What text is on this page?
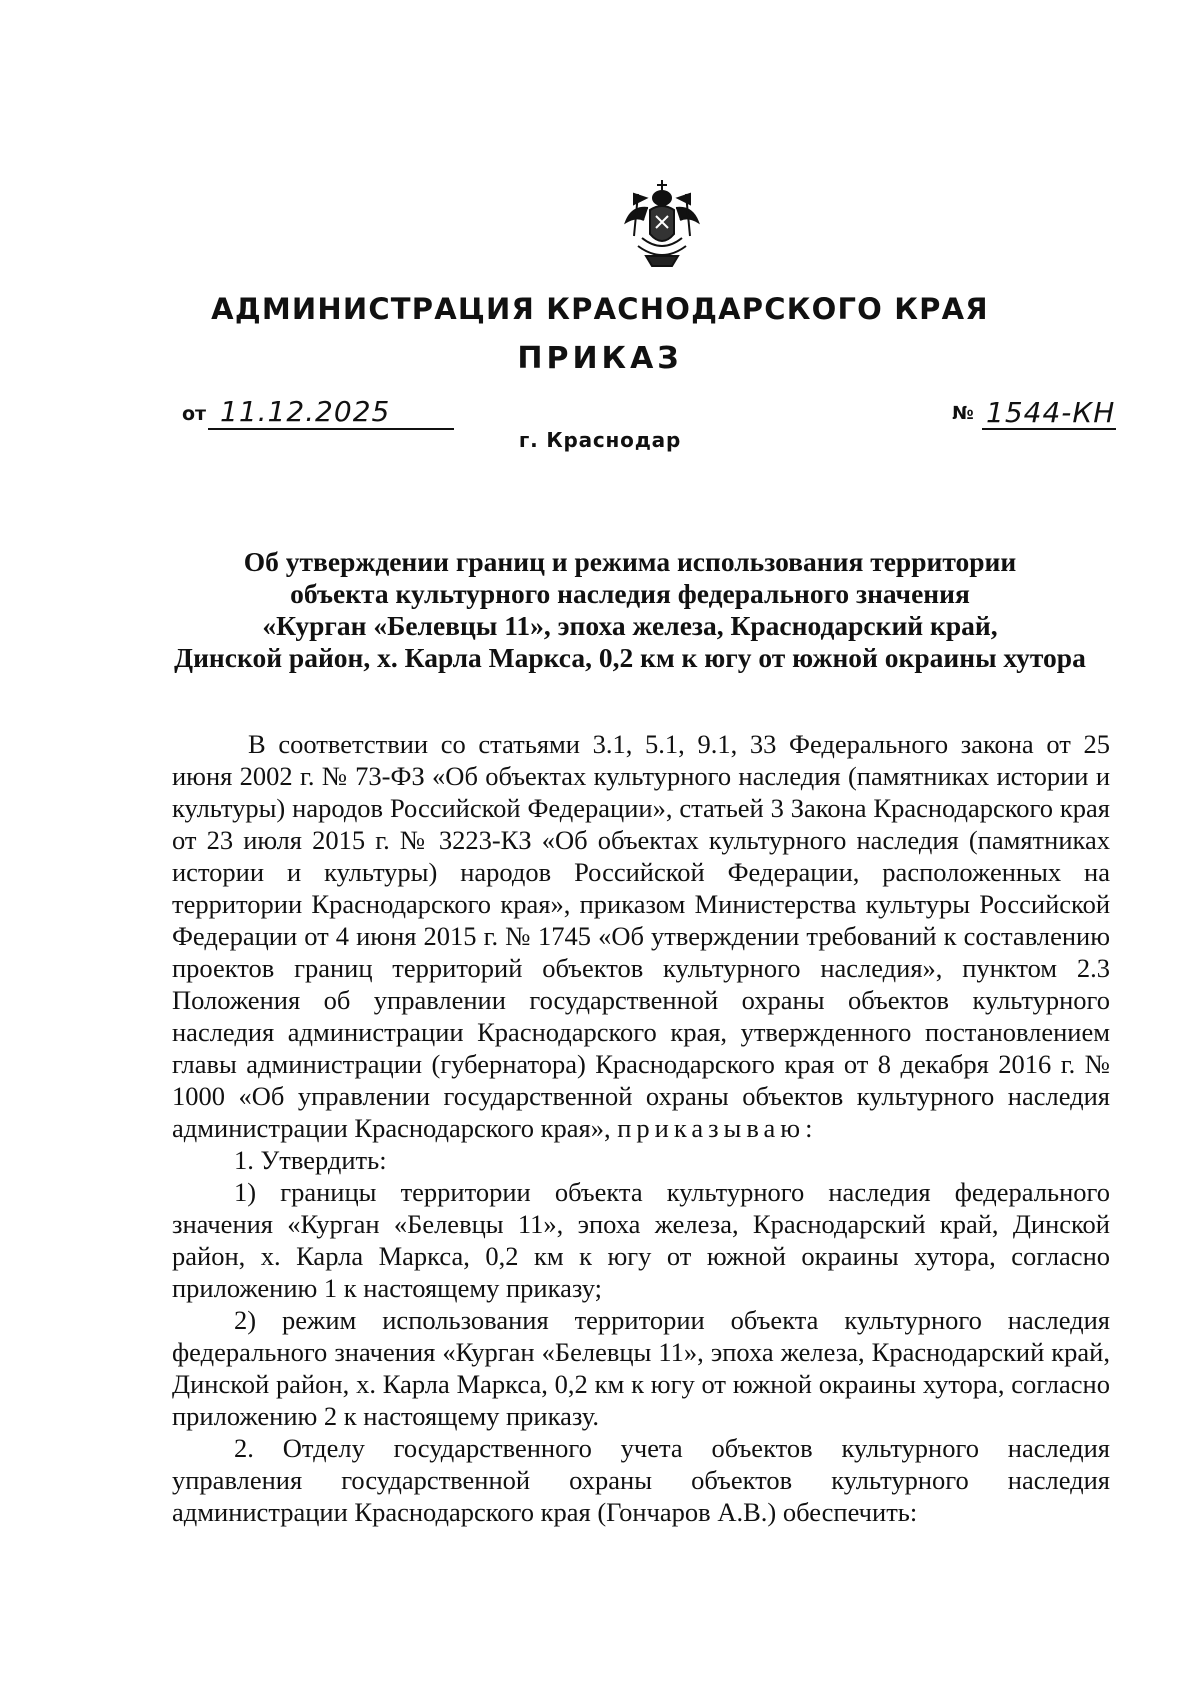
АДМИНИСТРАЦИЯ КРАСНОДАРСКОГО КРАЯ
ПРИКАЗ
от 11.12.2025
г. Краснодар
№ 1544-КН
Об утверждении границ и режима использования территории
объекта культурного наследия федерального значения
«Курган «Белевцы 11», эпоха железа, Краснодарский край,
Динской район, х. Карла Маркса, 0,2 км к югу от южной окраины хутора

В соответствии со статьями 3.1, 5.1, 9.1, 33 Федерального закона от 25 июня 2002 г. № 73-ФЗ «Об объектах культурного наследия (памятниках истории и культуры) народов Российской Федерации», статьей 3 Закона Краснодарского края от 23 июля 2015 г. № 3223-КЗ «Об объектах культурного наследия (памятниках истории и культуры) народов Российской Федерации, расположенных на территории Краснодарского края», приказом Министерства культуры Российской Федерации от 4 июня 2015 г. № 1745 «Об утверждении требований к составлению проектов границ территорий объектов культурного наследия», пунктом 2.3 Положения об управлении государственной охраны объектов культурного наследия администрации Краснодарского края, утвержденного постановлением главы администрации (губернатора) Краснодарского края от 8 декабря 2016 г. № 1000 «Об управлении государственной охраны объектов культурного наследия администрации Краснодарского края», приказываю:

1. Утвердить:

1) границы территории объекта культурного наследия федерального значения «Курган «Белевцы 11», эпоха железа, Краснодарский край, Динской район, х. Карла Маркса, 0,2 км к югу от южной окраины хутора, согласно приложению 1 к настоящему приказу;

2) режим использования территории объекта культурного наследия федерального значения «Курган «Белевцы 11», эпоха железа, Краснодарский край, Динской район, х. Карла Маркса, 0,2 км к югу от южной окраины хутора, согласно приложению 2 к настоящему приказу.

2. Отделу государственного учета объектов культурного наследия управления государственной охраны объектов культурного наследия администрации Краснодарского края (Гончаров А.В.) обеспечить:
